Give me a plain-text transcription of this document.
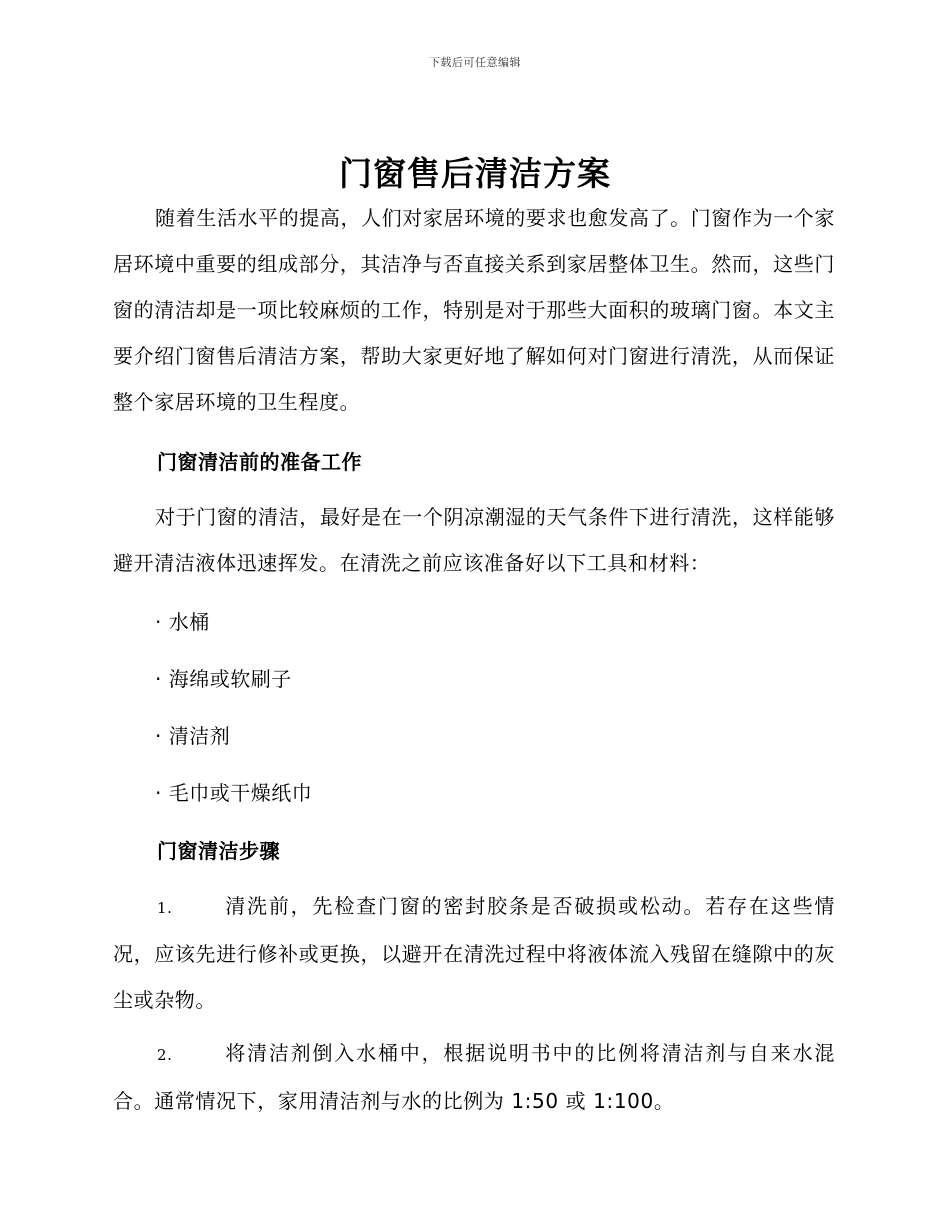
下载后可任意编辑
门窗售后清洁方案

随着生活水平的提高，人们对家居环境的要求也愈发高了。门窗作为一个家居环境中重要的组成部分，其洁净与否直接关系到家居整体卫生。然而，这些门窗的清洁却是一项比较麻烦的工作，特别是对于那些大面积的玻璃门窗。本文主要介绍门窗售后清洁方案，帮助大家更好地了解如何对门窗进行清洗，从而保证整个家居环境的卫生程度。

门窗清洁前的准备工作

对于门窗的清洁，最好是在一个阴凉潮湿的天气条件下进行清洗，这样能够避开清洁液体迅速挥发。在清洗之前应该准备好以下工具和材料：

· 水桶

· 海绵或软刷子

· 清洁剂

· 毛巾或干燥纸巾

门窗清洁步骤

1.	清洗前，先检查门窗的密封胶条是否破损或松动。若存在这些情况，应该先进行修补或更换，以避开在清洗过程中将液体流入残留在缝隙中的灰尘或杂物。

2.	将清洁剂倒入水桶中，根据说明书中的比例将清洁剂与自来水混合。通常情况下，家用清洁剂与水的比例为 1:50 或 1:100。
